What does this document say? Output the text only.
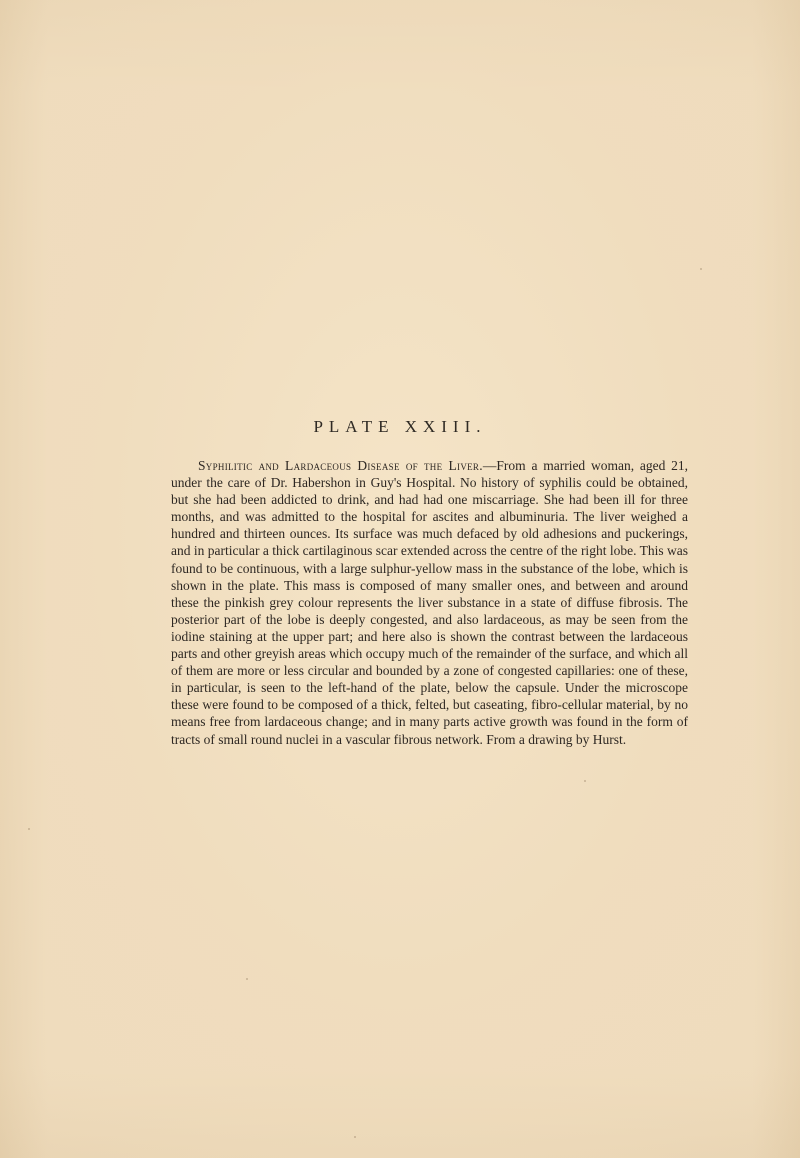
PLATE XXIII.

Syphilitic and Lardaceous Disease of the Liver.—From a married woman, aged 21, under the care of Dr. Habershon in Guy's Hospital. No history of syphilis could be obtained, but she had been addicted to drink, and had had one miscarriage. She had been ill for three months, and was admitted to the hospital for ascites and albuminuria. The liver weighed a hundred and thirteen ounces. Its surface was much defaced by old adhesions and puckerings, and in particular a thick cartilaginous scar extended across the centre of the right lobe. This was found to be continuous, with a large sulphur-yellow mass in the substance of the lobe, which is shown in the plate. This mass is composed of many smaller ones, and between and around these the pinkish grey colour represents the liver substance in a state of diffuse fibrosis. The posterior part of the lobe is deeply congested, and also lardaceous, as may be seen from the iodine staining at the upper part; and here also is shown the contrast between the lardaceous parts and other greyish areas which occupy much of the remainder of the surface, and which all of them are more or less circular and bounded by a zone of congested capillaries: one of these, in particular, is seen to the left-hand of the plate, below the capsule. Under the microscope these were found to be composed of a thick, felted, but caseating, fibro-cellular material, by no means free from lardaceous change; and in many parts active growth was found in the form of tracts of small round nuclei in a vascular fibrous network. From a drawing by Hurst.
